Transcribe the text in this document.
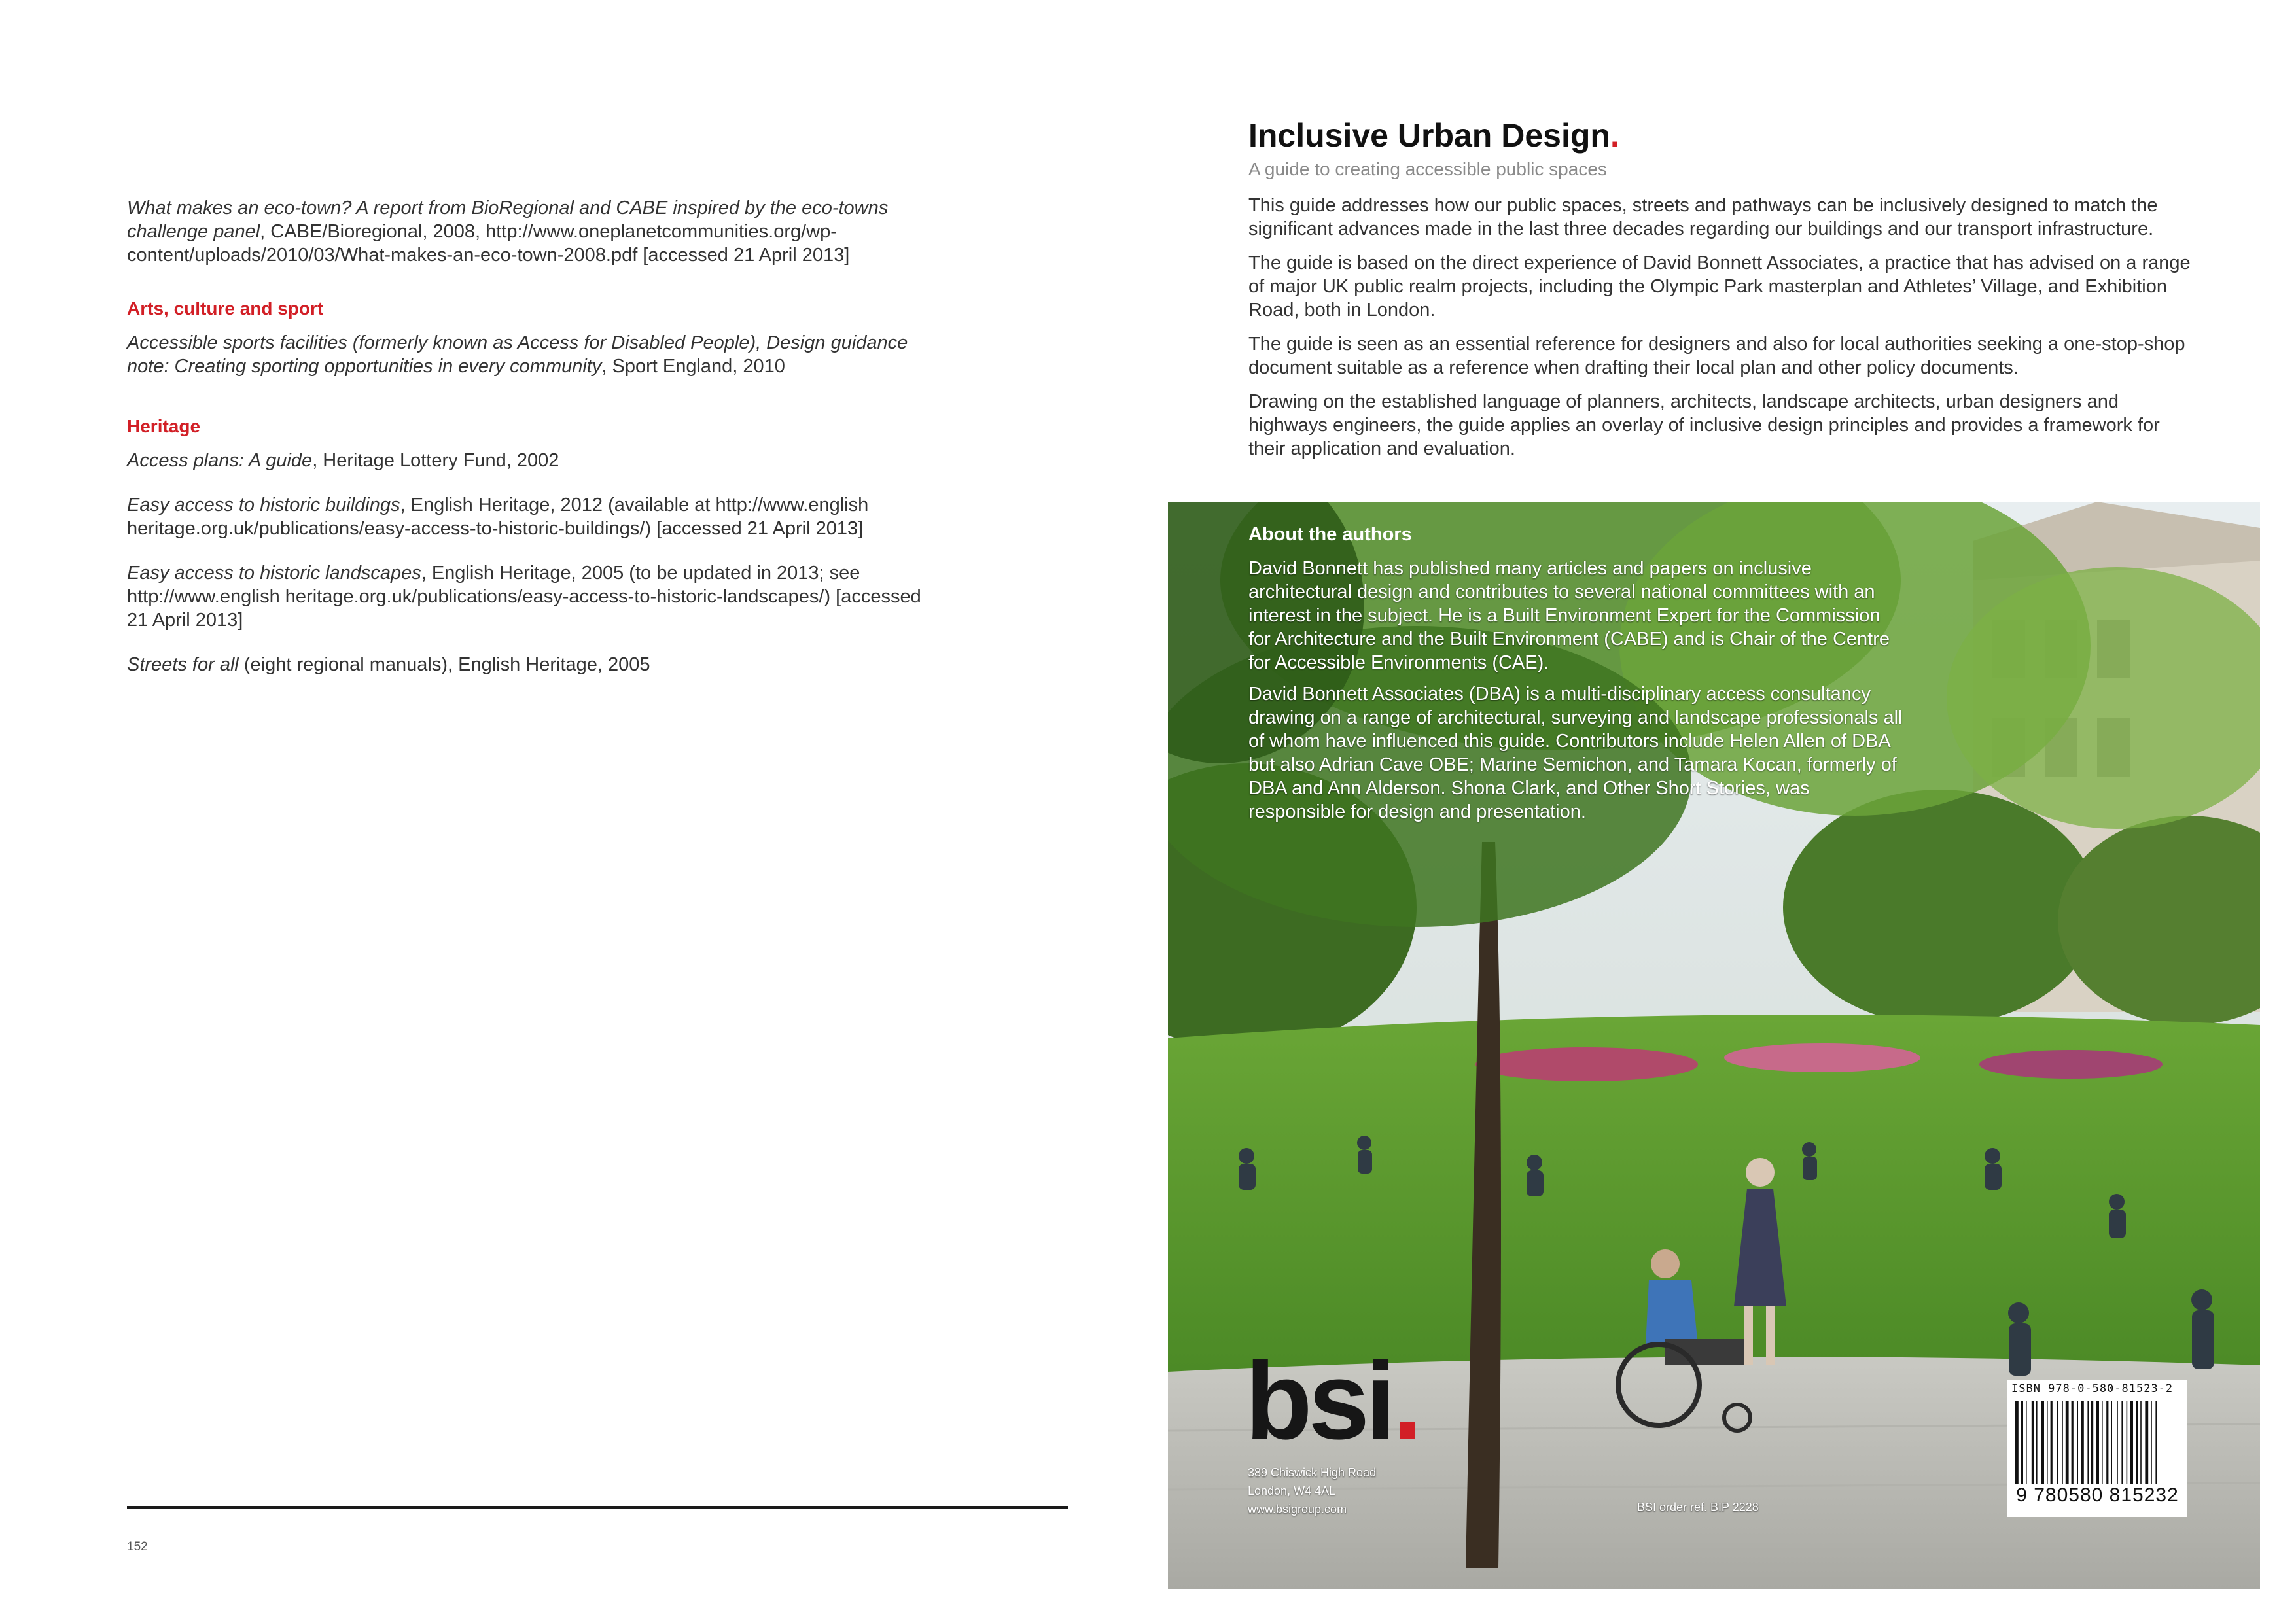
What makes an eco-town? A report from BioRegional and CABE inspired by the eco-towns challenge panel, CABE/Bioregional, 2008, http://www.oneplanetcommunities.org/wp-content/uploads/2010/03/What-makes-an-eco-town-2008.pdf [accessed 21 April 2013]

Arts, culture and sport

Accessible sports facilities (formerly known as Access for Disabled People), Design guidance note: Creating sporting opportunities in every community, Sport England, 2010

Heritage

Access plans: A guide, Heritage Lottery Fund, 2002

Easy access to historic buildings, English Heritage, 2012 (available at http://www.english heritage.org.uk/publications/easy-access-to-historic-buildings/) [accessed 21 April 2013]

Easy access to historic landscapes, English Heritage, 2005 (to be updated in 2013; see http://www.english heritage.org.uk/publications/easy-access-to-historic-landscapes/) [accessed 21 April 2013]

Streets for all (eight regional manuals), English Heritage, 2005

152
Inclusive Urban Design.
A guide to creating accessible public spaces

This guide addresses how our public spaces, streets and pathways can be inclusively designed to match the significant advances made in the last three decades regarding our buildings and our transport infrastructure.

The guide is based on the direct experience of David Bonnett Associates, a practice that has advised on a range of major UK public realm projects, including the Olympic Park masterplan and Athletes’ Village, and Exhibition Road, both in London.

The guide is seen as an essential reference for designers and also for local authorities seeking a one-stop-shop document suitable as a reference when drafting their local plan and other policy documents.

Drawing on the established language of planners, architects, landscape architects, urban designers and highways engineers, the guide applies an overlay of inclusive design principles and provides a framework for their application and evaluation.

About the authors

David Bonnett has published many articles and papers on inclusive architectural design and contributes to several national committees with an interest in the subject. He is a Built Environment Expert for the Commission for Architecture and the Built Environment (CABE) and is Chair of the Centre for Accessible Environments (CAE).

David Bonnett Associates (DBA) is a multi-disciplinary access consultancy drawing on a range of architectural, surveying and landscape professionals all of whom have influenced this guide. Contributors include Helen Allen of DBA but also Adrian Cave OBE; Marine Semichon, and Tamara Kocan, formerly of DBA and Ann Alderson. Shona Clark, and Other Short Stories, was responsible for design and presentation.

bsi.
389 Chiswick High Road
London, W4 4AL
www.bsigroup.com	BSI order ref. BIP 2228
ISBN 978-0-580-81523-2
9 780580 815232
